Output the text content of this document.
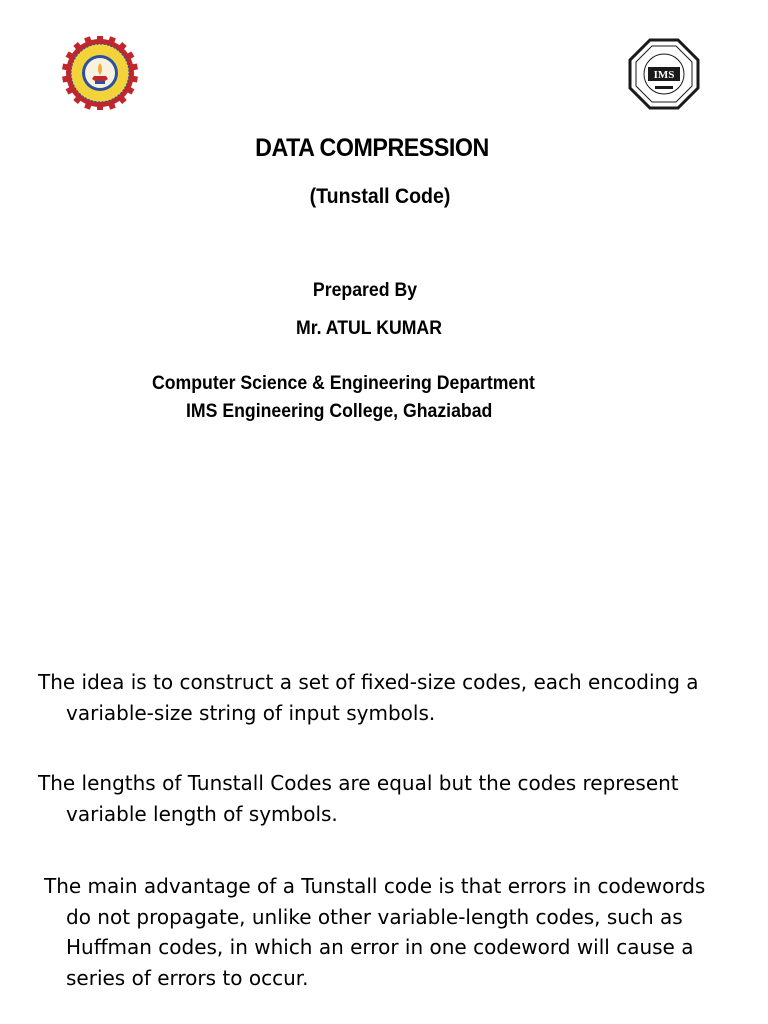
IMS
DATA COMPRESSION
(Tunstall Code)
Prepared By
Mr. ATUL KUMAR
Computer Science & Engineering Department
IMS Engineering College, Ghaziabad

The idea is to construct a set of fixed-size codes, each encoding a variable-size string of input symbols.

The lengths of Tunstall Codes are equal but the codes represent variable length of symbols.

The main advantage of a Tunstall code is that errors in codewords do not propagate, unlike other variable-length codes, such as Huffman codes, in which an error in one codeword will cause a series of errors to occur.
